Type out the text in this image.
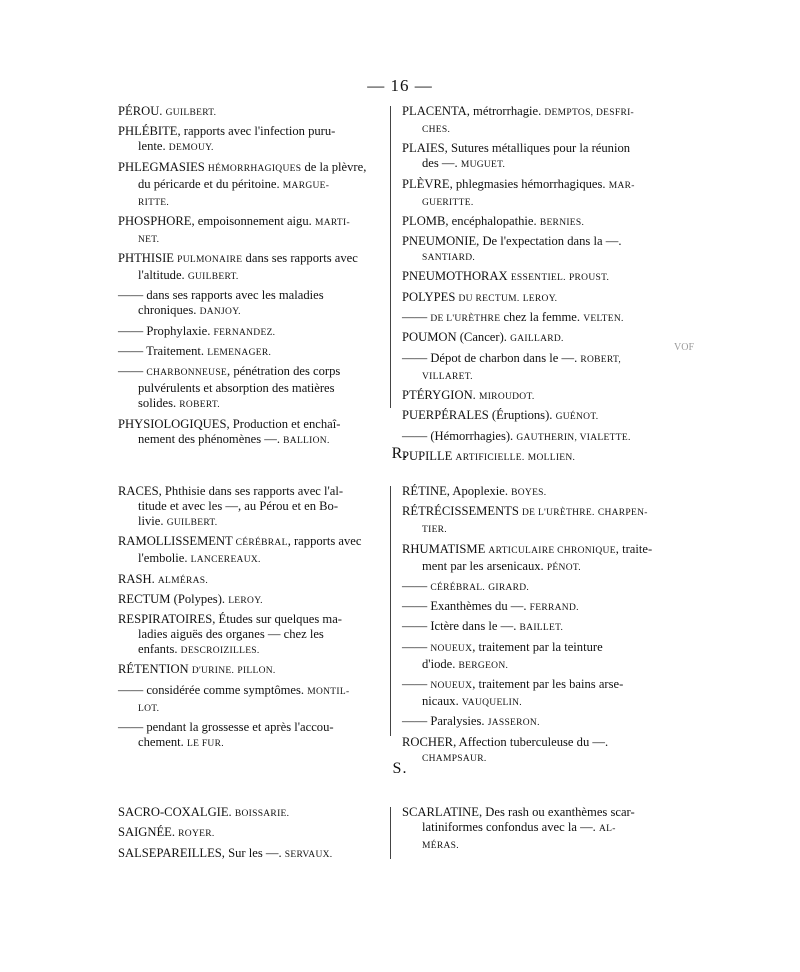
— 16 —
PÉROU. GUILBERT.
PHLÉBITE, rapports avec l'infection puru-
lente. DEMOUY.
PHLEGMASIES HÉMORRHAGIQUES de la plèvre,
du péricarde et du péritoine. MARGUE-
RITTE.
PHOSPHORE, empoisonnement aigu. MARTI-
NET.
PHTHISIE PULMONAIRE dans ses rapports avec
l'altitude. GUILBERT.
—— dans ses rapports avec les maladies
chroniques. DANJOY.
—— Prophylaxie. FERNANDEZ.
—— Traitement. LEMENAGER.
—— CHARBONNEUSE, pénétration des corps
pulvérulents et absorption des matières
solides. ROBERT.
PHYSIOLOGIQUES, Production et enchaî-
nement des phénomènes —. BALLION.
PLACENTA, métrorrhagie. DEMPTOS, DESFRI-
CHES.
PLAIES, Sutures métalliques pour la réunion
des —. MUGUET.
PLÈVRE, phlegmasies hémorrhagiques. MAR-
GUERITTE.
PLOMB, encéphalopathie. BERNIES.
PNEUMONIE, De l'expectation dans la —.
SANTIARD.
PNEUMOTHORAX ESSENTIEL. PROUST.
POLYPES DU RECTUM. LEROY.
—— DE L'URÈTHRE chez la femme. VELTEN.
POUMON (Cancer). GAILLARD.
—— Dépot de charbon dans le —. ROBERT,
VILLARET.
PTÉRYGION. MIROUDOT.
PUERPÉRALES (Éruptions). GUÉNOT.
—— (Hémorrhagies). GAUTHERIN, VIALETTE.
PUPILLE ARTIFICIELLE. MOLLIEN.
VOF
R.
RACES, Phthisie dans ses rapports avec l'al-
titude et avec les —, au Pérou et en Bo-
livie. GUILBERT.
RAMOLLISSEMENT CÉRÉBRAL, rapports avec
l'embolie. LANCEREAUX.
RASH. ALMÉRAS.
RECTUM (Polypes). LEROY.
RESPIRATOIRES, Études sur quelques ma-
ladies aiguës des organes — chez les
enfants. DESCROIZILLES.
RÉTENTION D'URINE. PILLON.
—— considérée comme symptômes. MONTIL-
LOT.
—— pendant la grossesse et après l'accou-
chement. LE FUR.
RÉTINE, Apoplexie. BOYES.
RÉTRÉCISSEMENTS DE L'URÈTHRE. CHARPEN-
TIER.
RHUMATISME ARTICULAIRE CHRONIQUE, traite-
ment par les arsenicaux. PÉNOT.
—— CÉRÉBRAL. GIRARD.
—— Exanthèmes du —. FERRAND.
—— Ictère dans le —. BAILLET.
—— NOUEUX, traitement par la teinture
d'iode. BERGEON.
—— NOUEUX, traitement par les bains arse-
nicaux. VAUQUELIN.
—— Paralysies. JASSERON.
ROCHER, Affection tuberculeuse du —.
CHAMPSAUR.
S.
SACRO-COXALGIE. BOISSARIE.
SAIGNÉE. ROYER.
SALSEPAREILLES, Sur les —. SERVAUX.
SCARLATINE, Des rash ou exanthèmes scar-
latiniformes confondus avec la —. AL-
MÉRAS.
